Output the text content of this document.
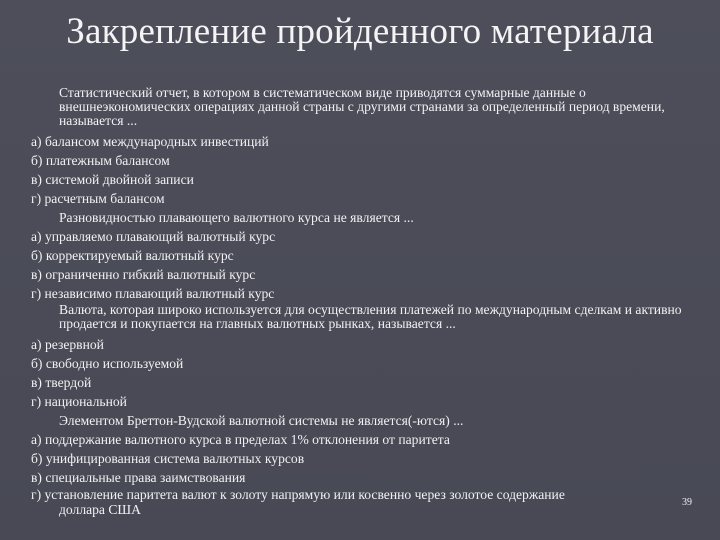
Закрепление пройденного материала

Статистический отчет, в котором в систематическом виде приводятся суммарные данные о внешнеэкономических операциях данной страны с другими странами за определенный период времени, называется ...

а) балансом международных инвестиций

б) платежным балансом

в) системой двойной записи

г) расчетным балансом

Разновидностью плавающего валютного курса не является ...

а) управляемо плавающий валютный курс

б) корректируемый валютный курс

в) ограниченно гибкий валютный курс

г) независимо плавающий валютный курс

Валюта, которая широко используется для осуществления платежей по международным сделкам и активно продается и покупается на главных валютных рынках, называется ...

а) резервной

б) свободно используемой

в) твердой

г) национальной

Элементом Бреттон-Вудской валютной системы не является(-ются) ...

а) поддержание валютного курса в пределах 1% отклонения от паритета

б) унифицированная система валютных курсов

в) специальные права заимствования

г) установление паритета валют к золоту напрямую или косвенно через золотое содержание
доллара США	39
